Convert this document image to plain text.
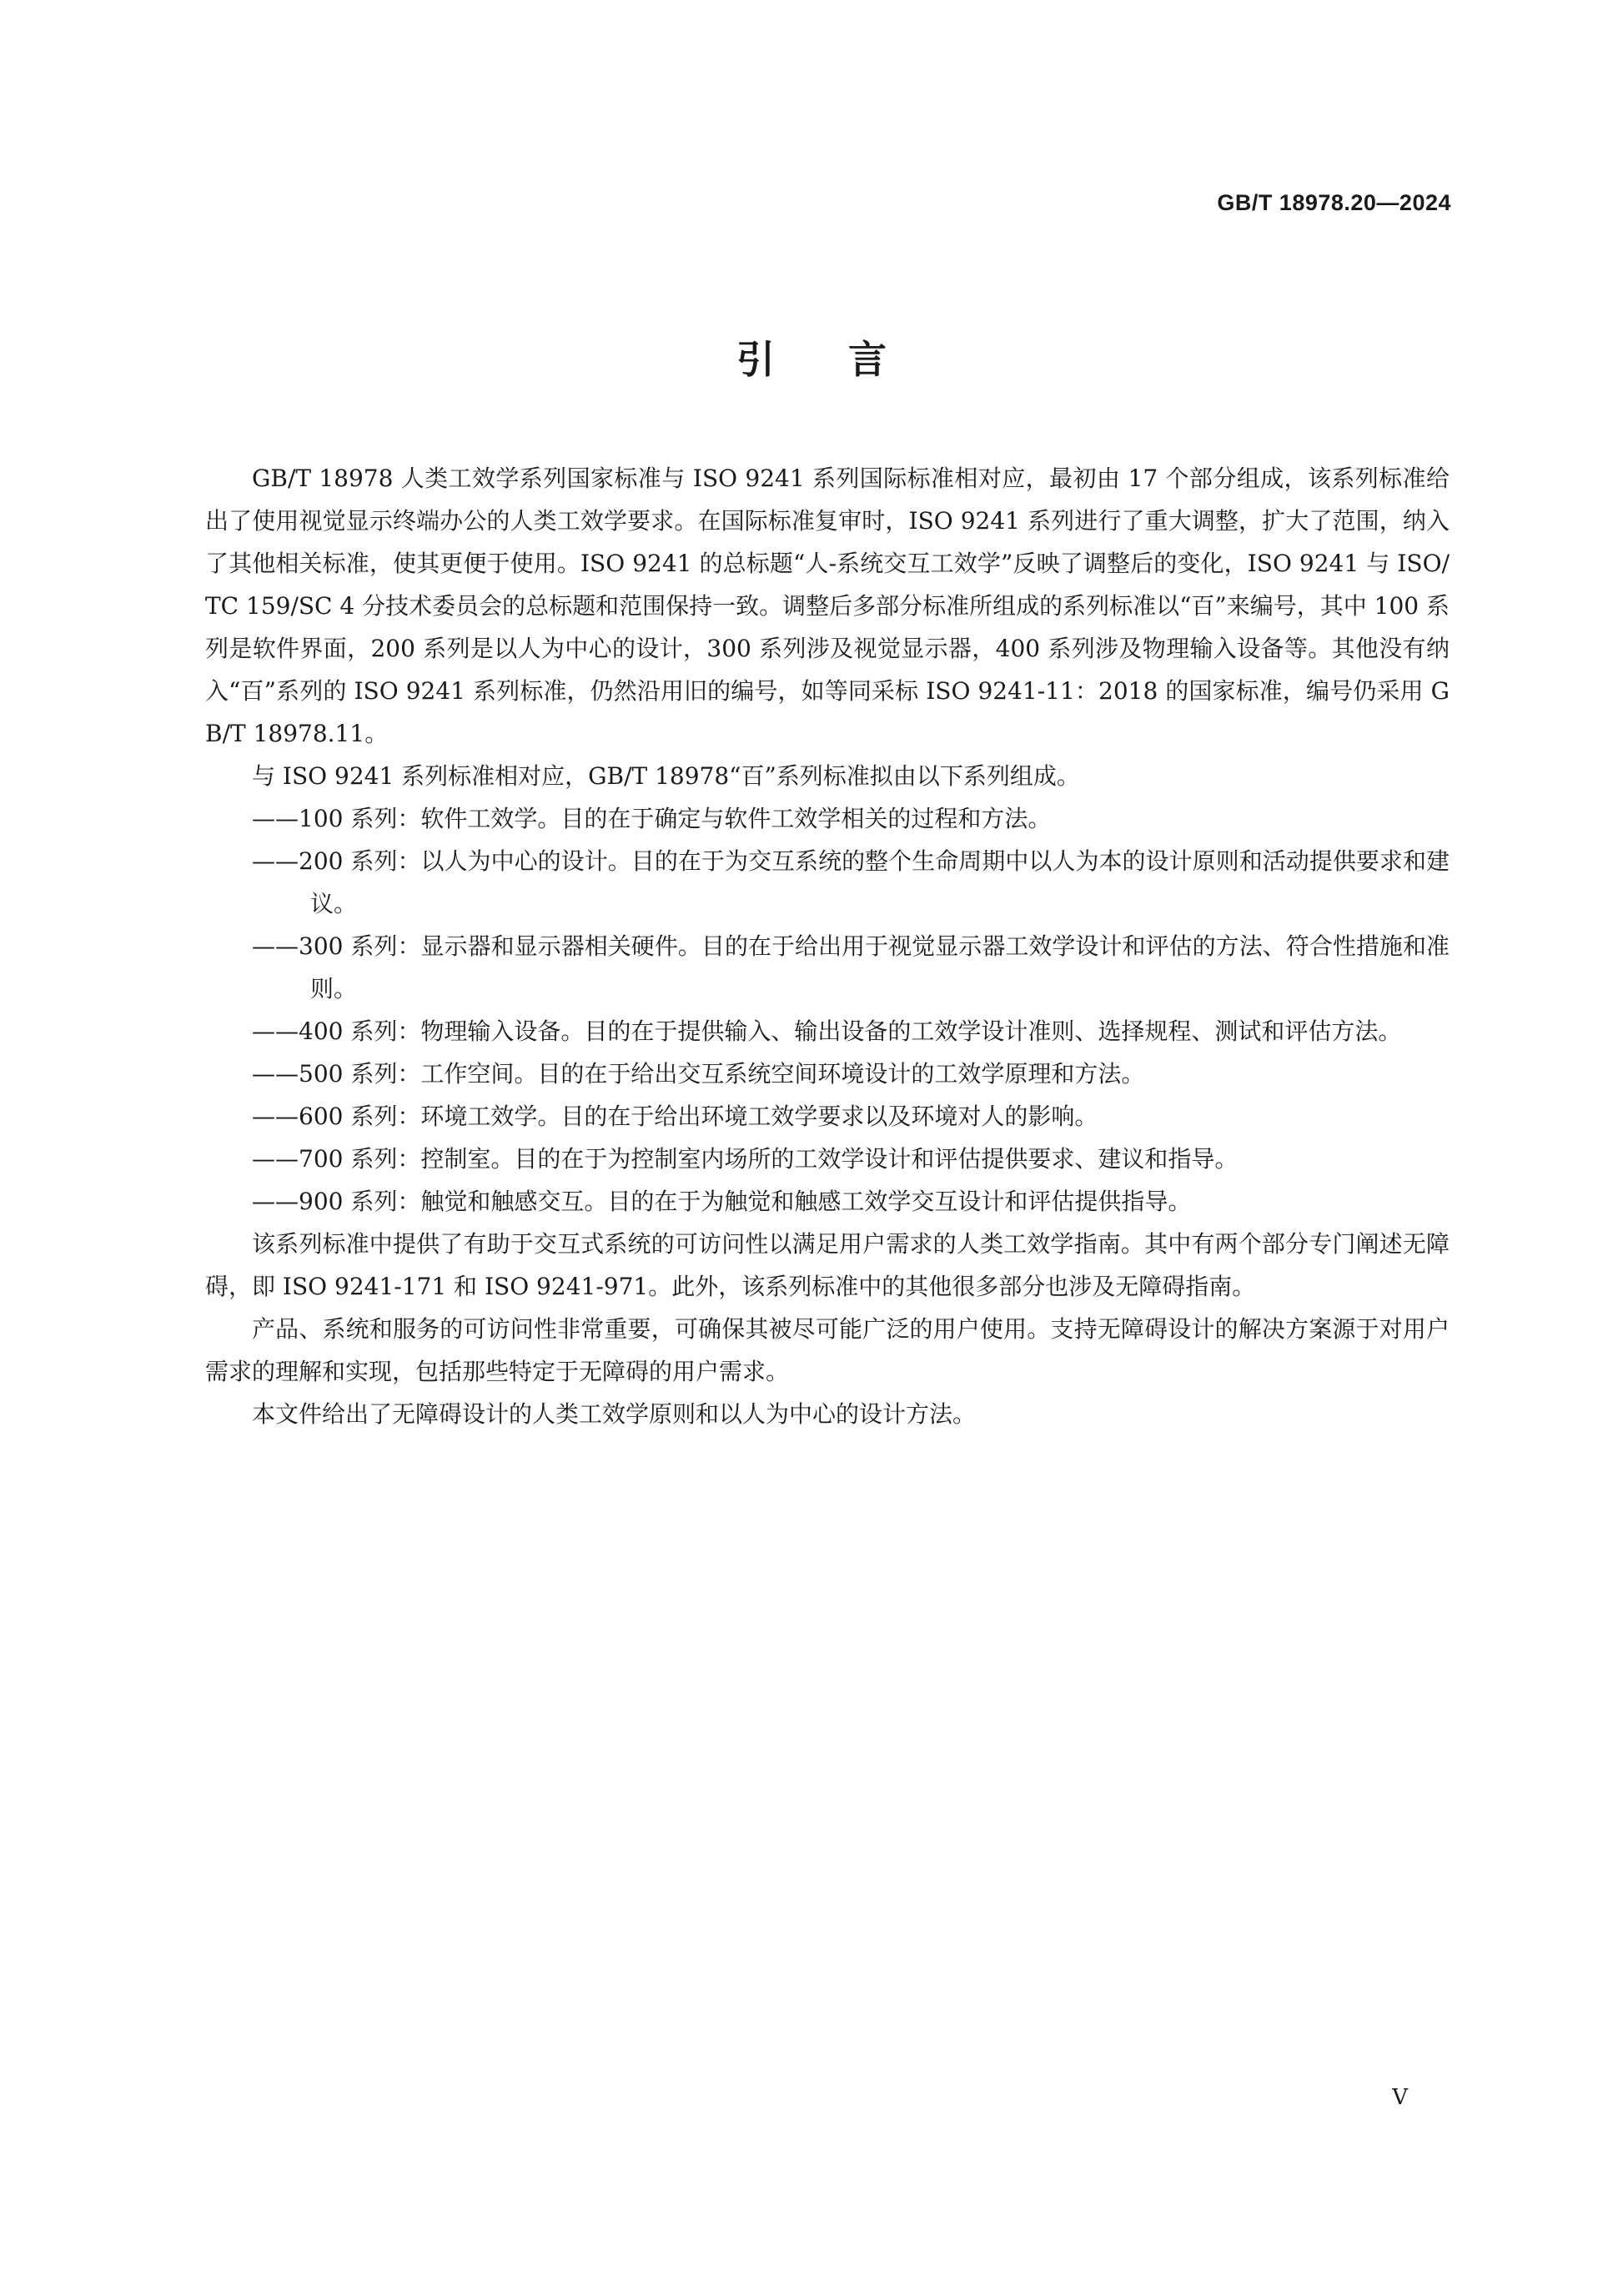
GB/T 18978.20—2024
引言

GB/T 18978 人类工效学系列国家标准与 ISO 9241 系列国际标准相对应，最初由 17 个部分组成，该系列标准给出了使用视觉显示终端办公的人类工效学要求。在国际标准复审时，ISO 9241 系列进行了重大调整，扩大了范围，纳入了其他相关标准，使其更便于使用。ISO 9241 的总标题“人-系统交互工效学”反映了调整后的变化，ISO 9241 与 ISO/TC 159/SC 4 分技术委员会的总标题和范围保持一致。调整后多部分标准所组成的系列标准以“百”来编号，其中 100 系列是软件界面，200 系列是以人为中心的设计，300 系列涉及视觉显示器，400 系列涉及物理输入设备等。其他没有纳入“百”系列的 ISO 9241 系列标准，仍然沿用旧的编号，如等同采标 ISO 9241-11：2018 的国家标准，编号仍采用 GB/T 18978.11。

与 ISO 9241 系列标准相对应，GB/T 18978“百”系列标准拟由以下系列组成。

——100 系列：软件工效学。目的在于确定与软件工效学相关的过程和方法。

——200 系列：以人为中心的设计。目的在于为交互系统的整个生命周期中以人为本的设计原则和活动提供要求和建议。

——300 系列：显示器和显示器相关硬件。目的在于给出用于视觉显示器工效学设计和评估的方法、符合性措施和准则。

——400 系列：物理输入设备。目的在于提供输入、输出设备的工效学设计准则、选择规程、测试和评估方法。

——500 系列：工作空间。目的在于给出交互系统空间环境设计的工效学原理和方法。

——600 系列：环境工效学。目的在于给出环境工效学要求以及环境对人的影响。

——700 系列：控制室。目的在于为控制室内场所的工效学设计和评估提供要求、建议和指导。

——900 系列：触觉和触感交互。目的在于为触觉和触感工效学交互设计和评估提供指导。

该系列标准中提供了有助于交互式系统的可访问性以满足用户需求的人类工效学指南。其中有两个部分专门阐述无障碍，即 ISO 9241-171 和 ISO 9241-971。此外，该系列标准中的其他很多部分也涉及无障碍指南。

产品、系统和服务的可访问性非常重要，可确保其被尽可能广泛的用户使用。支持无障碍设计的解决方案源于对用户需求的理解和实现，包括那些特定于无障碍的用户需求。

本文件给出了无障碍设计的人类工效学原则和以人为中心的设计方法。

V
